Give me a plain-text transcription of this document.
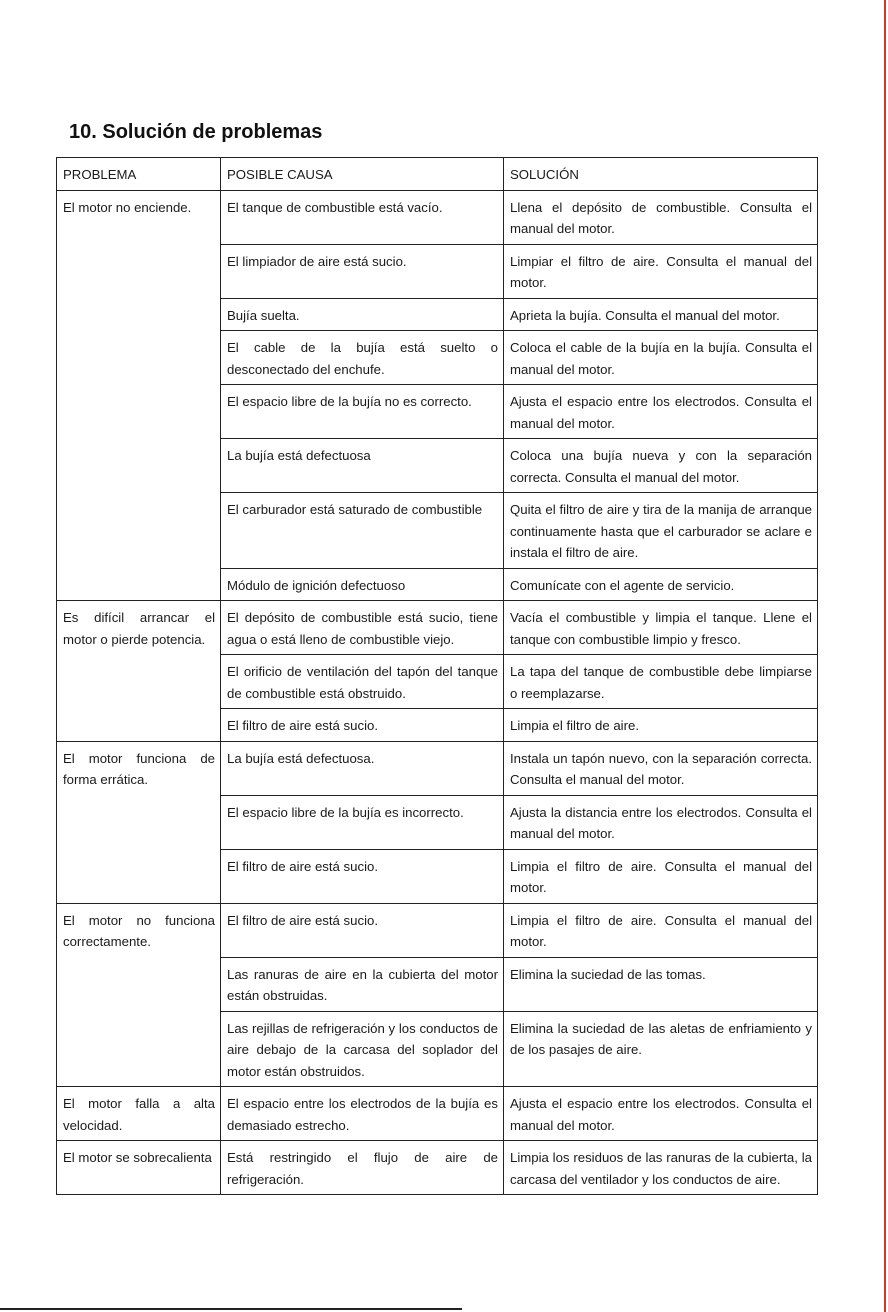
10. Solución de problemas
PROBLEMA	POSIBLE CAUSA	SOLUCIÓN
El motor no enciende.	El tanque de combustible está vacío.	Llena el depósito de combustible. Consulta el manual del motor.
	El limpiador de aire está sucio.	Limpiar el filtro de aire. Consulta el manual del motor.
	Bujía suelta.	Aprieta la bujía. Consulta el manual del motor.
	El cable de la bujía está suelto o desconectado del enchufe.	Coloca el cable de la bujía en la bujía. Consulta el manual del motor.
	El espacio libre de la bujía no es correcto.	Ajusta el espacio entre los electrodos. Consulta el manual del motor.
	La bujía está defectuosa	Coloca una bujía nueva y con la separación correcta. Consulta el manual del motor.
	El carburador está saturado de combustible	Quita el filtro de aire y tira de la manija de arranque continuamente hasta que el carburador se aclare e instala el filtro de aire.
	Módulo de ignición defectuoso	Comunícate con el agente de servicio.
Es difícil arrancar el motor o pierde potencia.	El depósito de combustible está sucio, tiene agua o está lleno de combustible viejo.	Vacía el combustible y limpia el tanque. Llene el tanque con combustible limpio y fresco.
	El orificio de ventilación del tapón del tanque de combustible está obstruido.	La tapa del tanque de combustible debe limpiarse o reemplazarse.
	El filtro de aire está sucio.	Limpia el filtro de aire.
El motor funciona de forma errática.	La bujía está defectuosa.	Instala un tapón nuevo, con la separación correcta. Consulta el manual del motor.
	El espacio libre de la bujía es incorrecto.	Ajusta la distancia entre los electrodos. Consulta el manual del motor.
	El filtro de aire está sucio.	Limpia el filtro de aire. Consulta el manual del motor.
El motor no funciona correctamente.	El filtro de aire está sucio.	Limpia el filtro de aire. Consulta el manual del motor.
	Las ranuras de aire en la cubierta del motor están obstruidas.	Elimina la suciedad de las tomas.
	Las rejillas de refrigeración y los conductos de aire debajo de la carcasa del soplador del motor están obstruidos.	Elimina la suciedad de las aletas de enfriamiento y de los pasajes de aire.
El motor falla a alta velocidad.	El espacio entre los electrodos de la bujía es demasiado estrecho.	Ajusta el espacio entre los electrodos. Consulta el manual del motor.
El motor se sobrecalienta	Está restringido el flujo de aire de refrigeración.	Limpia los residuos de las ranuras de la cubierta, la carcasa del ventilador y los conductos de aire.
